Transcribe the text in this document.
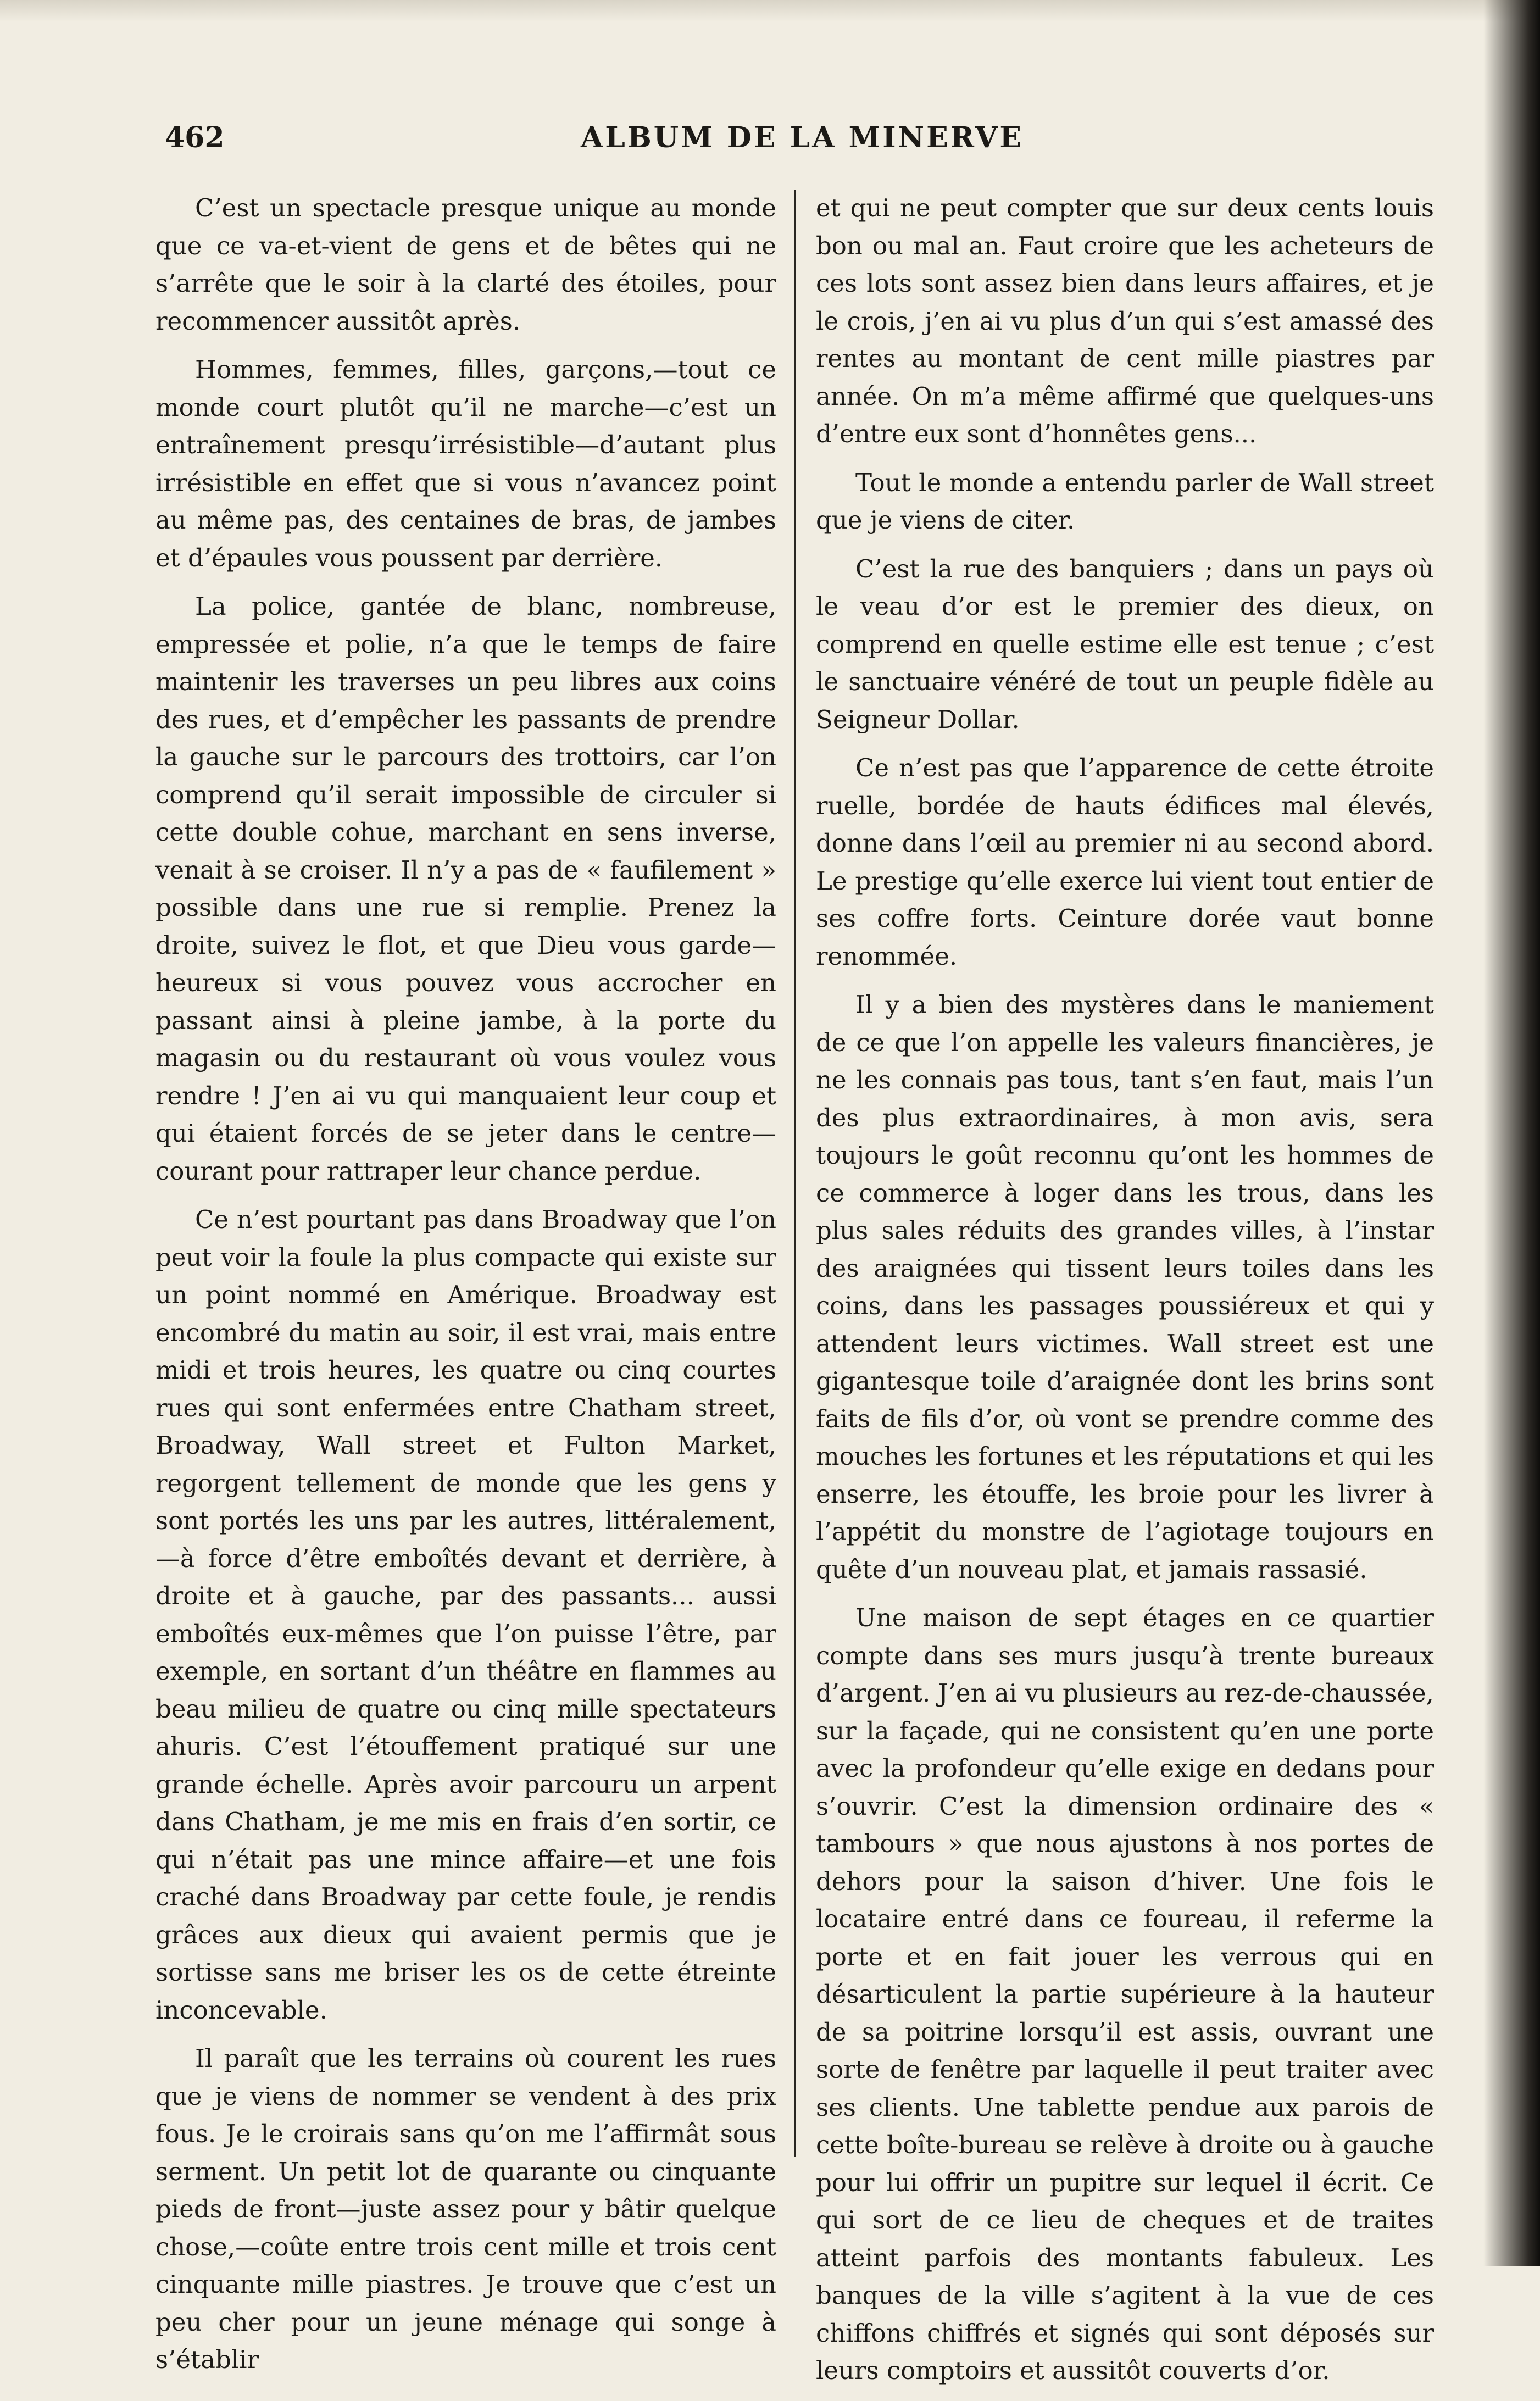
462	ALBUM DE LA MINERVE

C’est un spectacle presque unique au monde que ce va-et-vient de gens et de bêtes qui ne s’arrête que le soir à la clarté des étoiles, pour recommencer aussitôt après.

Hommes, femmes, filles, garçons,—tout ce monde court plutôt qu’il ne marche—c’est un entraînement presqu’irrésistible—d’autant plus irrésistible en effet que si vous n’avancez point au même pas, des centaines de bras, de jambes et d’épaules vous poussent par derrière.

La police, gantée de blanc, nombreuse, empressée et polie, n’a que le temps de faire maintenir les traverses un peu libres aux coins des rues, et d’empêcher les passants de prendre la gauche sur le parcours des trottoirs, car l’on comprend qu’il serait impossible de circuler si cette double cohue, marchant en sens inverse, venait à se croiser. Il n’y a pas de « faufilement » possible dans une rue si remplie. Prenez la droite, suivez le flot, et que Dieu vous garde—heureux si vous pouvez vous accrocher en passant ainsi à pleine jambe, à la porte du magasin ou du restaurant où vous voulez vous rendre ! J’en ai vu qui manquaient leur coup et qui étaient forcés de se jeter dans le centre—courant pour rattraper leur chance perdue.

Ce n’est pourtant pas dans Broadway que l’on peut voir la foule la plus compacte qui existe sur un point nommé en Amérique. Broadway est encombré du matin au soir, il est vrai, mais entre midi et trois heures, les quatre ou cinq courtes rues qui sont enfermées entre Chatham street, Broadway, Wall street et Fulton Market, regorgent tellement de monde que les gens y sont portés les uns par les autres, littéralement,—à force d’être emboîtés devant et derrière, à droite et à gauche, par des passants... aussi emboîtés eux-mêmes que l’on puisse l’être, par exemple, en sortant d’un théâtre en flammes au beau milieu de quatre ou cinq mille spectateurs ahuris. C’est l’étouffement pratiqué sur une grande échelle. Après avoir parcouru un arpent dans Chatham, je me mis en frais d’en sortir, ce qui n’était pas une mince affaire—et une fois craché dans Broadway par cette foule, je rendis grâces aux dieux qui avaient permis que je sortisse sans me briser les os de cette étreinte inconcevable.

Il paraît que les terrains où courent les rues que je viens de nommer se vendent à des prix fous. Je le croirais sans qu’on me l’affirmât sous serment. Un petit lot de quarante ou cinquante pieds de front—juste assez pour y bâtir quelque chose,—coûte entre trois cent mille et trois cent cinquante mille piastres. Je trouve que c’est un peu cher pour un jeune ménage qui songe à s’établir

et qui ne peut compter que sur deux cents louis bon ou mal an. Faut croire que les acheteurs de ces lots sont assez bien dans leurs affaires, et je le crois, j’en ai vu plus d’un qui s’est amassé des rentes au montant de cent mille piastres par année. On m’a même affirmé que quelques-uns d’entre eux sont d’honnêtes gens...

Tout le monde a entendu parler de Wall street que je viens de citer.

C’est la rue des banquiers ; dans un pays où le veau d’or est le premier des dieux, on comprend en quelle estime elle est tenue ; c’est le sanctuaire vénéré de tout un peuple fidèle au Seigneur Dollar.

Ce n’est pas que l’apparence de cette étroite ruelle, bordée de hauts édifices mal élevés, donne dans l’œil au premier ni au second abord. Le prestige qu’elle exerce lui vient tout entier de ses coffre forts. Ceinture dorée vaut bonne renommée.

Il y a bien des mystères dans le maniement de ce que l’on appelle les valeurs financières, je ne les connais pas tous, tant s’en faut, mais l’un des plus extraordinaires, à mon avis, sera toujours le goût reconnu qu’ont les hommes de ce commerce à loger dans les trous, dans les plus sales réduits des grandes villes, à l’instar des araignées qui tissent leurs toiles dans les coins, dans les passages poussiéreux et qui y attendent leurs victimes. Wall street est une gigantesque toile d’araignée dont les brins sont faits de fils d’or, où vont se prendre comme des mouches les fortunes et les réputations et qui les enserre, les étouffe, les broie pour les livrer à l’appétit du monstre de l’agiotage toujours en quête d’un nouveau plat, et jamais rassasié.

Une maison de sept étages en ce quartier compte dans ses murs jusqu’à trente bureaux d’argent. J’en ai vu plusieurs au rez-de-chaussée, sur la façade, qui ne consistent qu’en une porte avec la profondeur qu’elle exige en dedans pour s’ouvrir. C’est la dimension ordinaire des « tambours » que nous ajustons à nos portes de dehors pour la saison d’hiver. Une fois le locataire entré dans ce foureau, il referme la porte et en fait jouer les verrous qui en désarticulent la partie supérieure à la hauteur de sa poitrine lorsqu’il est assis, ouvrant une sorte de fenêtre par laquelle il peut traiter avec ses clients. Une tablette pendue aux parois de cette boîte-bureau se relève à droite ou à gauche pour lui offrir un pupitre sur lequel il écrit. Ce qui sort de ce lieu de cheques et de traites atteint parfois des montants fabuleux. Les banques de la ville s’agitent à la vue de ces chiffons chiffrés et signés qui sont déposés sur leurs comptoirs et aussitôt couverts d’or.
